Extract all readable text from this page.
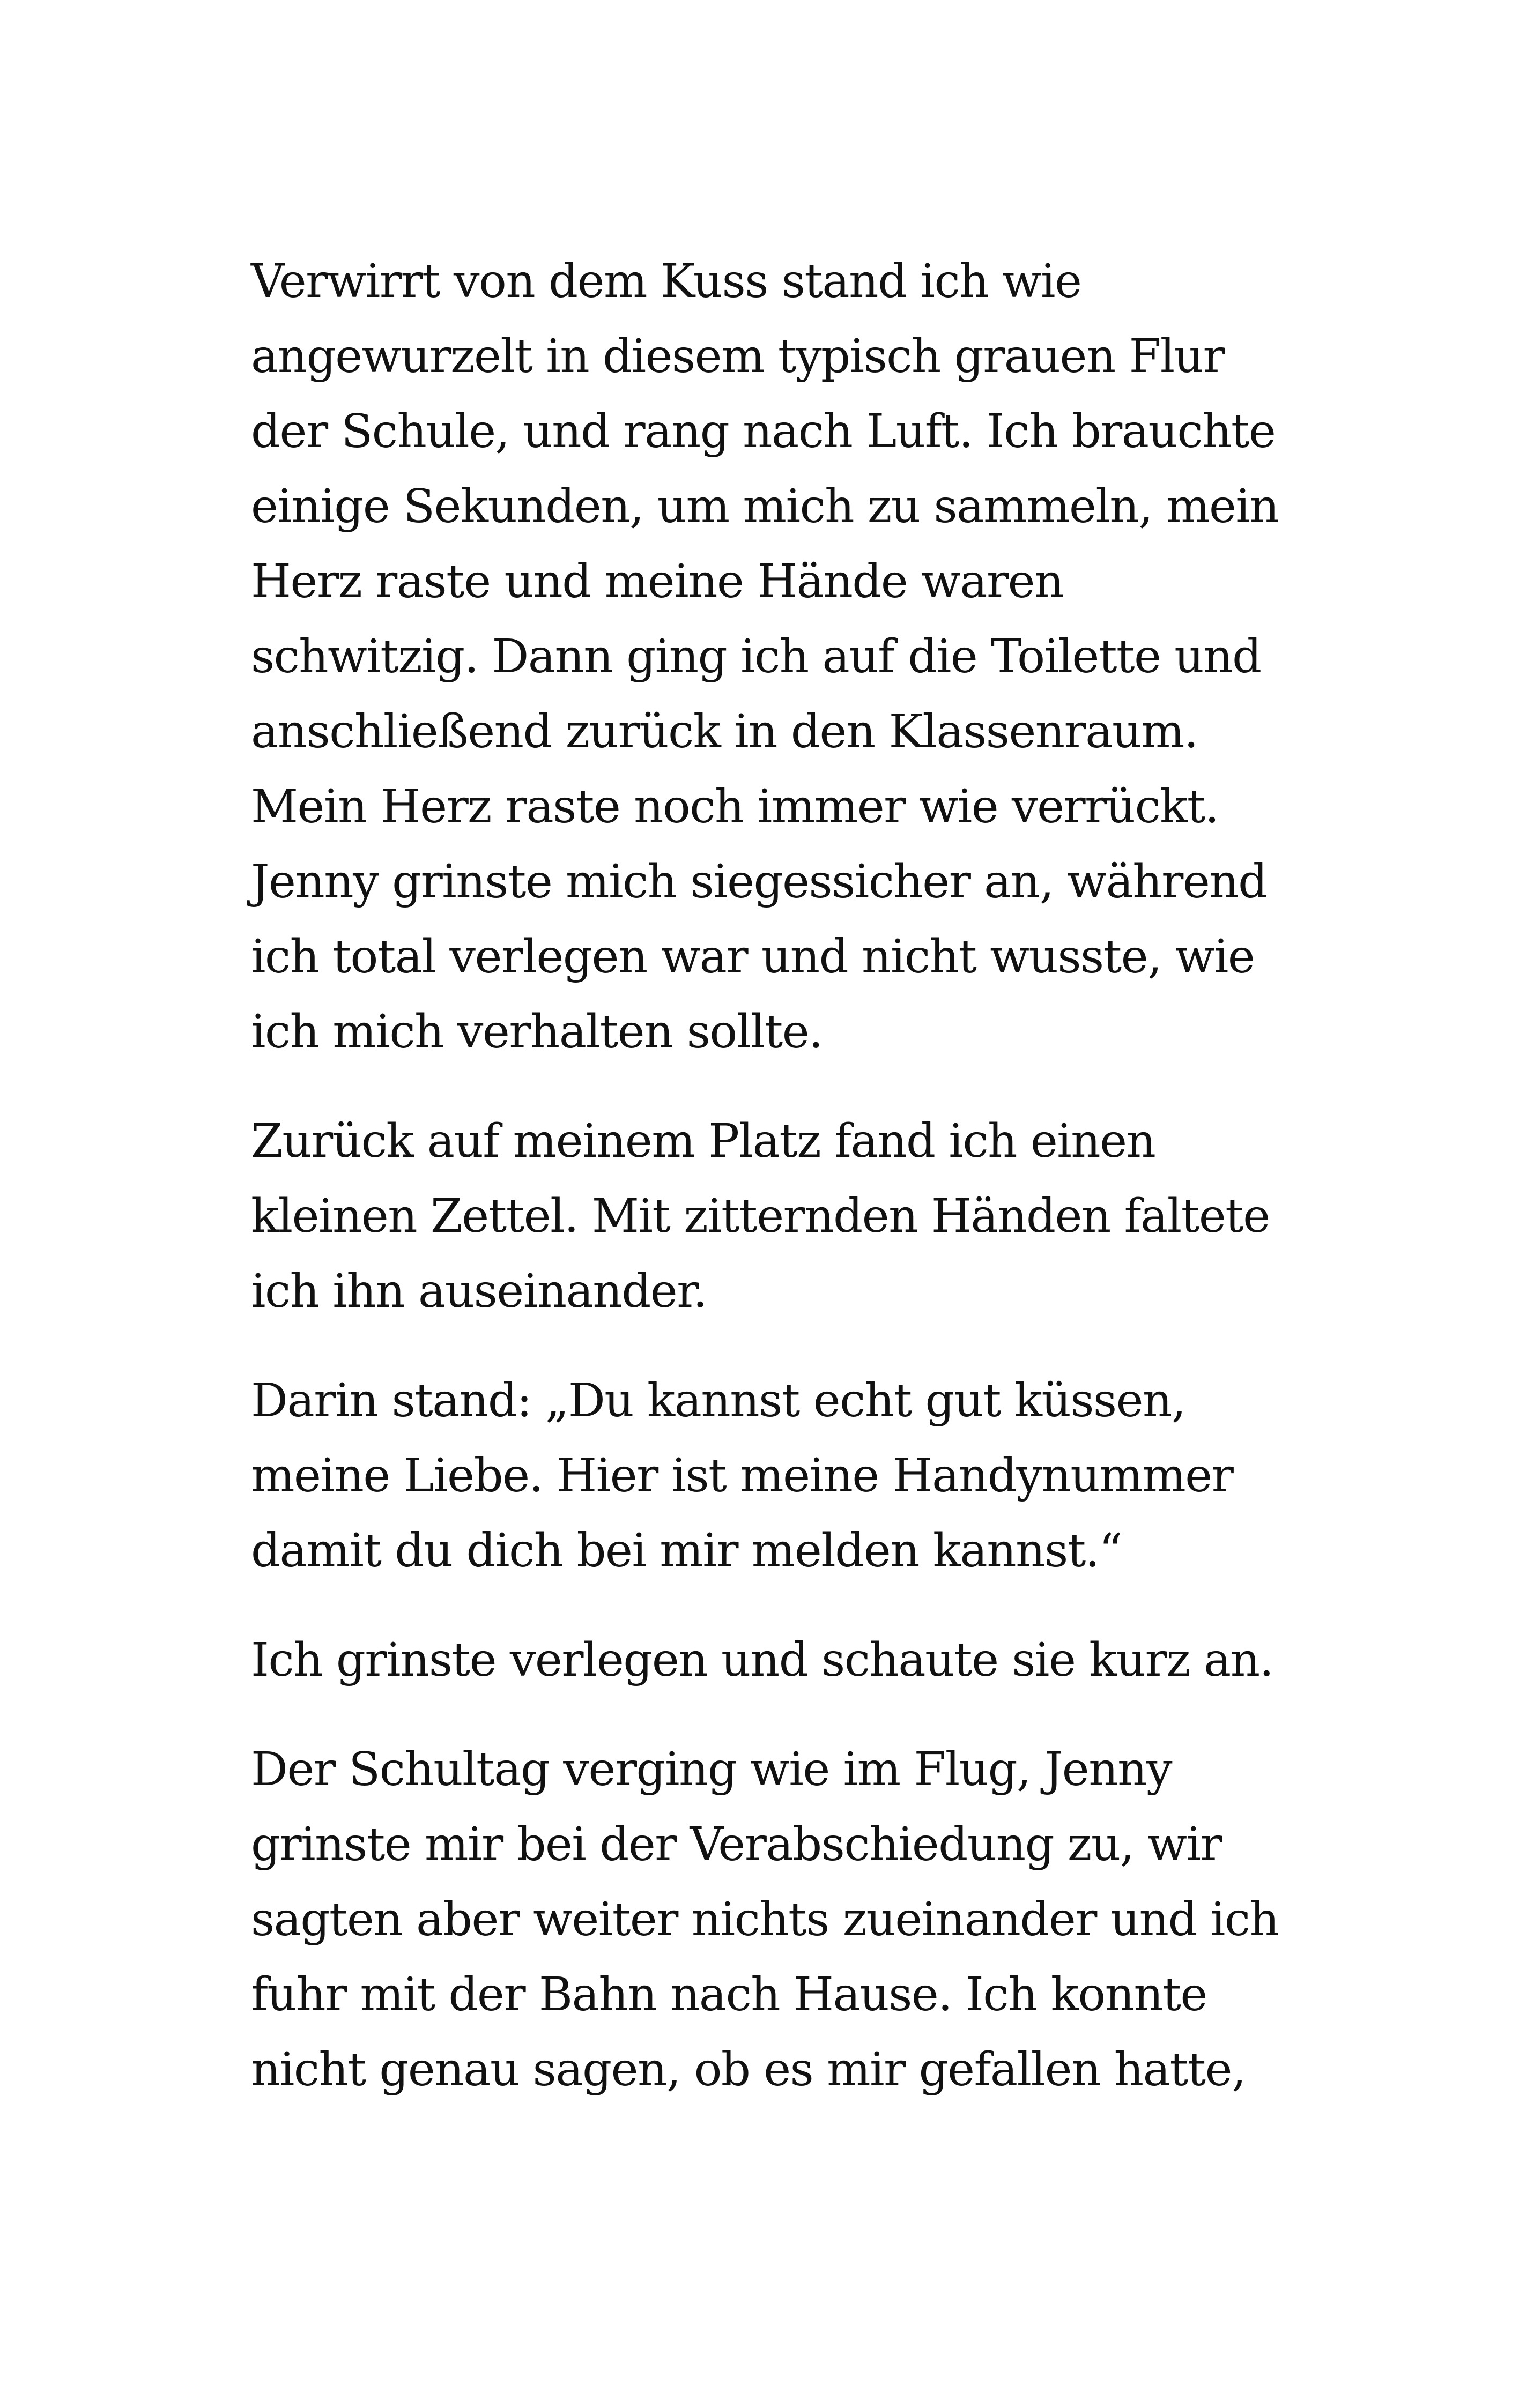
Verwirrt von dem Kuss stand ich wie
angewurzelt in diesem typisch grauen Flur
der Schule, und rang nach Luft. Ich brauchte
einige Sekunden, um mich zu sammeln, mein
Herz raste und meine Hände waren
schwitzig. Dann ging ich auf die Toilette und
anschließend zurück in den Klassenraum.
Mein Herz raste noch immer wie verrückt.
Jenny grinste mich siegessicher an, während
ich total verlegen war und nicht wusste, wie
ich mich verhalten sollte.
Zurück auf meinem Platz fand ich einen
kleinen Zettel. Mit zitternden Händen faltete
ich ihn auseinander.
Darin stand: „Du kannst echt gut küssen,
meine Liebe. Hier ist meine Handynummer
damit du dich bei mir melden kannst.“
Ich grinste verlegen und schaute sie kurz an.
Der Schultag verging wie im Flug, Jenny
grinste mir bei der Verabschiedung zu, wir
sagten aber weiter nichts zueinander und ich
fuhr mit der Bahn nach Hause. Ich konnte
nicht genau sagen, ob es mir gefallen hatte,
